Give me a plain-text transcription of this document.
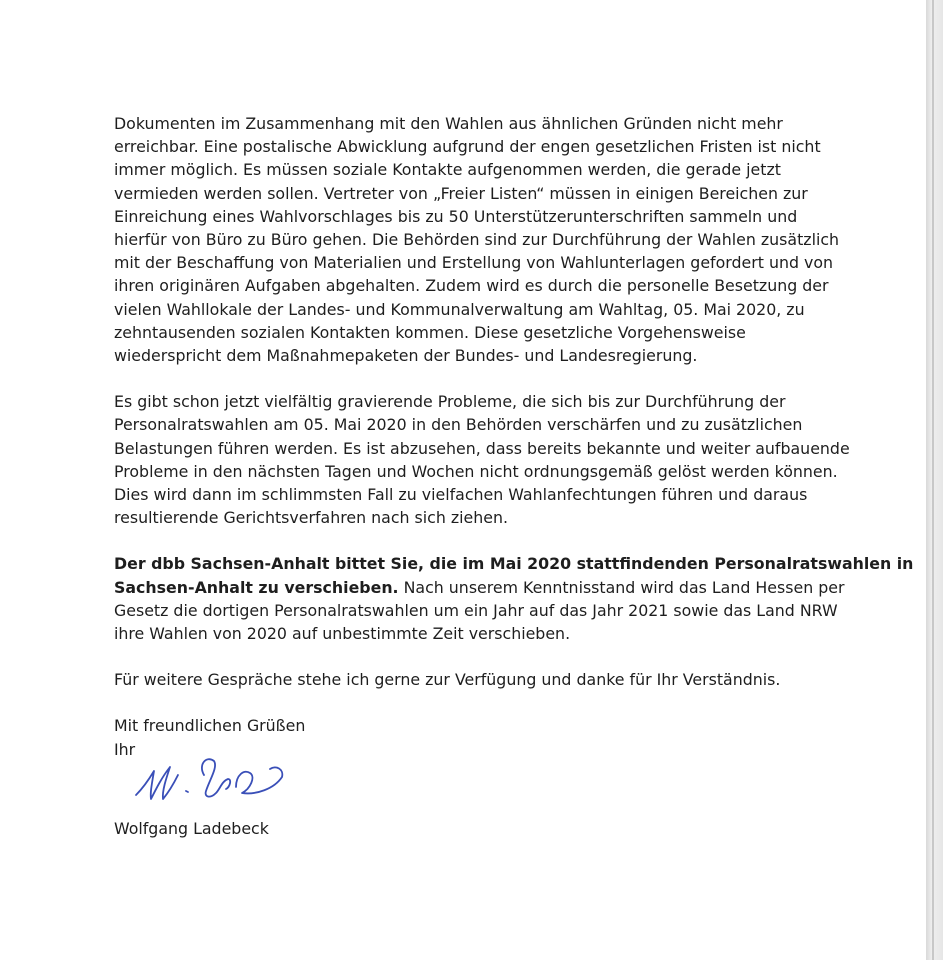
Dokumenten im Zusammenhang mit den Wahlen aus ähnlichen Gründen nicht mehr
erreichbar. Eine postalische Abwicklung aufgrund der engen gesetzlichen Fristen ist nicht
immer möglich. Es müssen soziale Kontakte aufgenommen werden, die gerade jetzt
vermieden werden sollen. Vertreter von „Freier Listen“ müssen in einigen Bereichen zur
Einreichung eines Wahlvorschlages bis zu 50 Unterstützerunterschriften sammeln und
hierfür von Büro zu Büro gehen. Die Behörden sind zur Durchführung der Wahlen zusätzlich
mit der Beschaffung von Materialien und Erstellung von Wahlunterlagen gefordert und von
ihren originären Aufgaben abgehalten. Zudem wird es durch die personelle Besetzung der
vielen Wahllokale der Landes- und Kommunalverwaltung am Wahltag, 05. Mai 2020, zu
zehntausenden sozialen Kontakten kommen. Diese gesetzliche Vorgehensweise
wiederspricht dem Maßnahmepaketen der Bundes- und Landesregierung.

Es gibt schon jetzt vielfältig gravierende Probleme, die sich bis zur Durchführung der
Personalratswahlen am 05. Mai 2020 in den Behörden verschärfen und zu zusätzlichen
Belastungen führen werden. Es ist abzusehen, dass bereits bekannte und weiter aufbauende
Probleme in den nächsten Tagen und Wochen nicht ordnungsgemäß gelöst werden können.
Dies wird dann im schlimmsten Fall zu vielfachen Wahlanfechtungen führen und daraus
resultierende Gerichtsverfahren nach sich ziehen.

Der dbb Sachsen-Anhalt bittet Sie, die im Mai 2020 stattfindenden Personalratswahlen in
Sachsen-Anhalt zu verschieben. Nach unserem Kenntnisstand wird das Land Hessen per
Gesetz die dortigen Personalratswahlen um ein Jahr auf das Jahr 2021 sowie das Land NRW
ihre Wahlen von 2020 auf unbestimmte Zeit verschieben.

Für weitere Gespräche stehe ich gerne zur Verfügung und danke für Ihr Verständnis.

Mit freundlichen Grüßen
Ihr
Wolfgang Ladebeck
